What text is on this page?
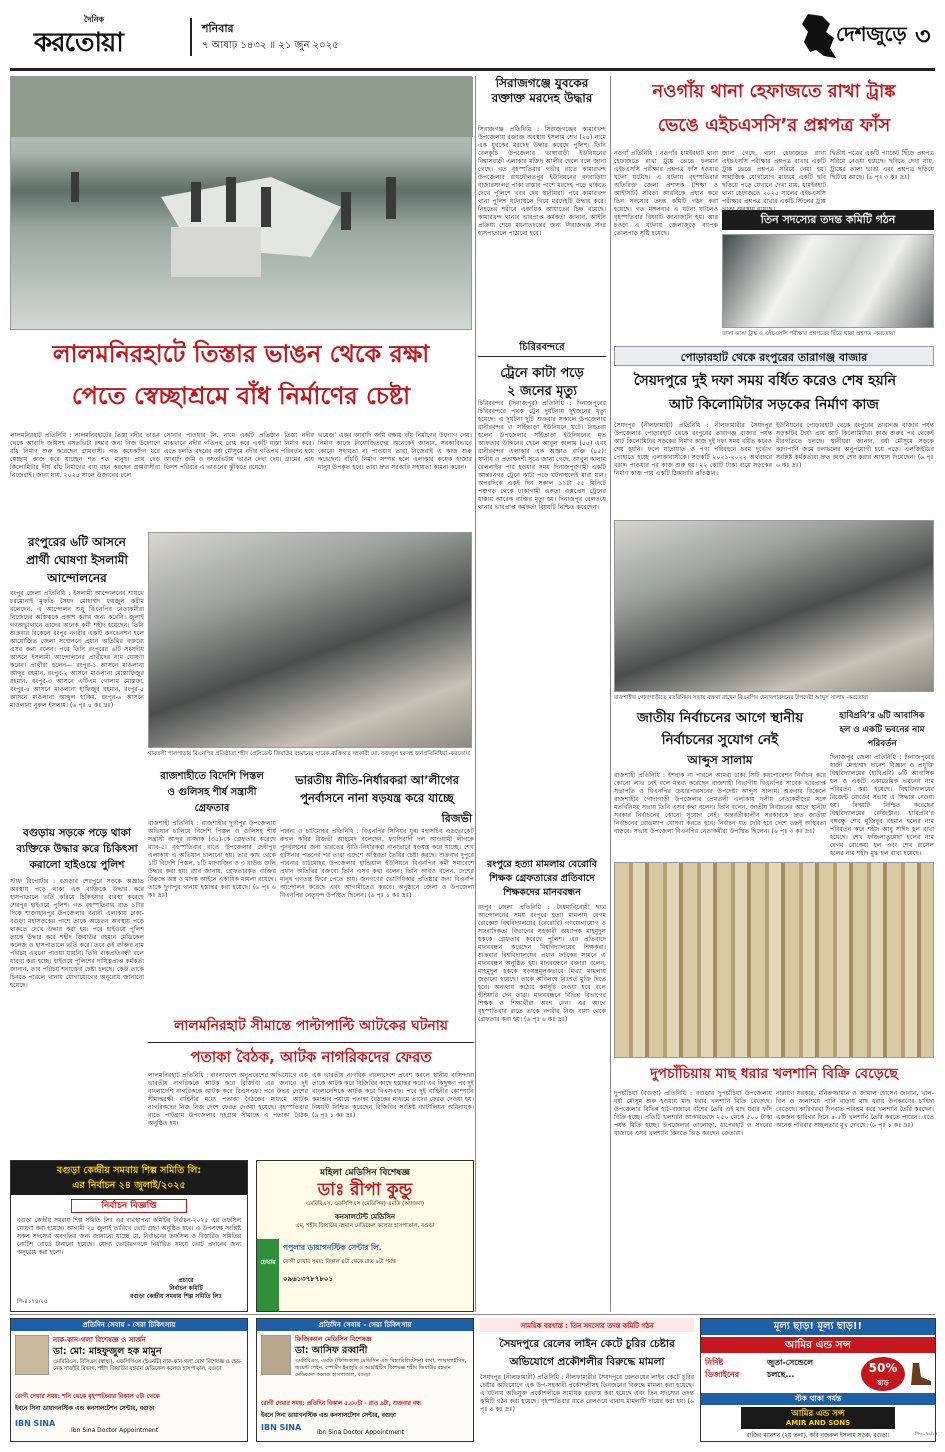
দৈনিক
করতোয়া	শনিবার
৭ আষাঢ় ১৪৩২ ॥ ২১ জুন ২০২৫	দেশজুড়ে ৩
সিরাজগঞ্জে যুবকের রক্তাক্ত মরদেহ উদ্ধার
সিরাজগঞ্জ প্রতিনিধি : সিরাজগঞ্জের কামারখন্দ উপজেলায় রক্তাক্ত অবস্থায় ইসলাম শেখ (২৪) নামে এক যুবকের মরদেহ উদ্ধার করেছে পুলিশ। তিনি বেলকুচি উপজেলার ভাঙ্গাবাড়ী ইউনিয়নের বিশ্বাসবাড়ী এলাকার মজিদ আলীর ছেলে বলে জানা গেছে। গত বৃহস্পতিবার গভীর রাতে কামারখন্দ উপজেলার রায়দৌলতপুর ইউনিয়নের বনবাড়িয়া বাজারসংলগ্ন পাকা রাস্তার পাশে মরদেহ পড়ে থাকতে দেখে পুলিশে খবর দেয় স্থানীয়রা। পরে কামারখন্দ থানা পুলিশ ঘটনাস্থলে গিয়ে মরদেহটি উদ্ধার করে। নিহতের শরীরে একাধিক আঘাতের চিহ্ন রয়েছে। কামারখন্দ থানার ভারপ্রাপ্ত কর্মকর্তা জানান, আইনি প্রক্রিয়া শেষে ময়নাতদন্তের জন্য সিরাজগঞ্জ সদর হাসপাতালে পাঠানো হবে।
নওগাঁয় থানা হেফাজতে রাখা ট্রাঙ্ক
ভেঙে এইচএসসি’র প্রশ্নপত্র ফাঁস
নওগাঁ প্রতিনিধি : নওগাঁর ধামইরহাট থানা হেফাজতে রাখা ট্রাঙ্ক ভেঙে চলমান এইচএসসি পরীক্ষার প্রশ্নপত্র ফাঁস হওয়ার ঘটনা ঘটেছে। এ ঘটনায় বৃহস্পতিবার অতিরিক্ত জেলা প্রশাসক (শিক্ষা ও আইসিটি) সবিতা আরবিকে প্রধান করে তিন সদস্যের তদন্ত কমিটি গঠন করা হয়েছে। গত মঙ্গলবার এ ঘটনা ঘটলেও বৃহস্পতিবার বিষয়টি জানাজানি হয়। আর চওড়া এ ঘটনায় জেলাজুড়ে ব্যাপক তোলপাড় সৃষ্টি হয়েছে।
জানা গেছে, থানা হেফাজতে রাখা এইচএসসি পরীক্ষার প্রশ্নপত্র রাখার একটি ট্রাঙ্ক ভেঙে প্রশ্নপত্র সরিয়ে নেয়া হয়। সামাজিক যোগাযোগ মাধ্যমে একটি ছবি ছড়িয়ে পড়ে যেখানে দেখা যায়, ধামইরহাট থানা হেফাজতে ২০২৫ সালের এইচএসসি পরীক্ষার প্রশ্নপত্র রাখার একটি স্টিলের ট্রাঙ্ক
দ্বিতীয় পত্রের একটি প্যাকেট ছিঁড়ে প্রশ্নপত্র সরিয়ে নেওয়া হয়েছে। ছবিতে দেখা যায়, ট্রাঙ্কের তালা ভাঙা এবং প্রশ্নপত্র ছড়িয়ে ছিটিয়ে আছে। (৬ পৃঃ ৩ কঃ দ্রঃ)
তিন সদস্যের তদন্ত কমিটি গঠন
তালা ভাঙা ট্রাঙ্ক ও এইচএসসি পরীক্ষার প্রশ্নপত্রের ছিঁড়ে থাকা প্রশ্নপত্র -করতোয়া
লালমনিরহাটে তিস্তার ভাঙন থেকে রক্ষা
পেতে স্বেচ্ছাশ্রমে বাঁধ নির্মাণের চেষ্টা
লালমনিরহাট প্রতিনিধি : লালমনিরহাটের তিস্তা নদীর ভাঙন থেকে আবাদি জমিসহ বসতভিটা রক্ষার জন্য নিজ উদ্যোগে বাঁধ নির্মাণ শুরু করেছেন গ্রামবাসী। গত কয়েকদিন ধরে স্বেচ্ছায় কাজ করে যাচ্ছেন শত শত মানুষ। প্রায় দেড় কিলোমিটার দীর্ঘ বাঁধ নির্মাণের ব্যয় বহন করছেন গ্রামবাসীরা নিজেরাই। জানা যায়, ২০২৪ সালে উজানের ঢলে
সোনার পাওয়ার লি. নামে একটি প্রতিষ্ঠান তিস্তা নদীর মাঝখানে নদীর গতিপথ রোধ করে একটি রাস্তা নির্মাণ করে। এতে চলতি বছরের বর্ষা মৌসুমে নদীর গতিপথ পরিবর্তন হয়ে আবাদি জমি ও বসতভিটায় ভাঙন দেখা দেয়। গ্রামের প্রায় তিনশ পরিবার এ ভাঙনের ঝুঁকিতে রয়েছে।
ভয়েজ’ একর আবাদি জমি রক্ষায় বাঁধ নির্মাণের উদ্যোগ নেয়। নির্মাণ কাজে নিয়োজিতদের অনেকেই জানান, সরকারিভাবে কোনো সহায়তা না পাওয়ায় তারা নিজেরাই এ কাজ শুরু করেছেন। বাঁধটি নির্মাণ সম্পন্ন হলে এলাকার কয়েক হাজার মানুষ উপকৃত হবে। তারা দ্রুত সরকারি সহায়তা কামনা করেন।
চিরিরবন্দরে
ট্রেনে কাটা পড়ে
২ জনের মৃত্যু
চিরিরবন্দর (দিনাজপুর) প্রতিনিধি : দিনাজপুরের চিরিরবন্দরে পৃথক ট্রেন দুর্ঘটনায় দুইজনের মৃত্যু হয়েছে। এ দুর্ঘটনা দুটি শুক্রবার সকালে উপজেলার রানীরবন্দর ও সাঁইতাড়া ইউনিয়নে ঘটে। নিহতরা হলেন উপজেলার সাঁইতাড়া ইউনিয়নের মৃত আফতাব উদ্দিনের ছেলে আবুল কালাম (৫৫) এবং রানীরবন্দর এলাকার এক অজ্ঞাত ব্যক্তি (৪৫)। স্থানীয় ও প্রত্যক্ষদর্শী সূত্রে জানা গেছে, আবুল কালাম রেললাইন পার হওয়ার সময় দিনাজপুরগামী একটি আন্তঃনগর ট্রেনে কাটা পড়ে ঘটনাস্থলেই মারা যান। অপরদিকে একই দিন সকাল ১১টা ৫৫ মিনিটে পঞ্চগড় থেকে ঢাকাগামী একতা এক্সপ্রেস ট্রেনের ধাক্কায় আরেক ব্যক্তির মৃত্যু হয়। দিনাজপুর রেলওয়ে থানার ভারপ্রাপ্ত কর্মকর্তা বিষয়টি নিশ্চিত করেছেন।
পোড়ারহাট থেকে রংপুরের তারাগঞ্জ বাজার
সৈয়দপুরে দুই দফা সময় বর্ধিত করেও শেষ হয়নি
আট কিলোমিটার সড়কের নির্মাণ কাজ
সৈয়দপুর (নীলফামারী) প্রতিনিধি : নীলফামারীর সৈয়দপুর উপজেলার পোড়ারহাট থেকে রংপুরের তারাগঞ্জ বাজার পর্যন্ত আট কিলোমিটার সড়কের নির্মাণ কাজ দুই দফা সময় বর্ধিত করেও শেষ হয়নি। ফলে যাতায়াত ও পণ্য পরিবহনে চরম দুর্ভোগ পোহাতে হচ্ছে এলাকাবাসীকে। সড়কটি ২০২১-২০২২ অর্থবছরে বরাদ্দ পাওয়ার পর কাজ শুরু হয়। ২২ কোটি টাকা ব্যয়ে সড়কের নির্মাণ কাজ পায় একটি ঠিকাদারি প্রতিষ্ঠান।
ইউনিয়নের পোড়ারহাট থেকে রংপুরের তারাগঞ্জ বাজার পর্যন্ত সড়কটির দৈর্ঘ্য প্রায় আট কিলোমিটার। কাজ শুরুর পর থেকেই ধীরগতিতে চলছে। স্থানীয়রা জানান, বর্ষা মৌসুমে সড়কে কাদাপানি জমে চলাচলের অনুপযোগী হয়ে পড়ে। এলজিইডির সংশ্লিষ্ট কর্মকর্তারা দ্রুত কাজ শেষ করার আশ্বাস দিয়েছেন। (৬ পৃঃ ৬ কঃ দ্রঃ)
রাজশাহীর গোদাগাড়ীতে মতবিনিময় সভায় বক্তব্য রাখেন বিএনপির চেয়ারপারসনের উপদেষ্টা আব্দুস সালাম -করতোয়া
রংপুরের ৬টি আসনে
প্রার্থী ঘোষণা ইসলামী
আন্দোলনের
রংপুর জেলা প্রতিনিধি : ইসলামী আন্দোলনের শায়খে চরমোনাই মুফতি সৈয়দ মোহাম্মদ ফয়জুল করীম বলেছেন, এ আন্দোলন শুধু বিএনপির নেতাকর্মীরা নিজেদের অস্তিত্বকে প্রকাশ করার জন্য করেনি। জুলাই গণঅভ্যুত্থানে তাদের অনেক কর্মী শহীদ হয়েছেন। তিনি শুক্রবার বিকেলে রংপুর নগরীর একটি কনভেনশন হলে আয়োজিত জেলা সম্মেলনে প্রধান অতিথির বক্তব্যে এসব কথা বলেন। পরে তিনি রংপুরের ৬টি সংসদীয় আসনে ইসলামী আন্দোলনের প্রার্থীদের নাম ঘোষণা করেন। প্রার্থীরা হলেন— রংপুর-১ আসনে মাওলানা আব্দুর রহমান, রংপুর-২ আসনে মাওলানা মোস্তাফিজুর রহমান, রংপুর-৩ আসনে এটিএম গোলাম মোস্তফা, রংপুর-৪ আসনে মাওলানা হাফিজুর রহমান, রংপুর-৫ আসনে মাওলানা আব্দুল হাকিম, রংপুর-৬ আসনে মাওলানা নুরুল ইসলাম। (৬ পৃঃ ৪ কঃ দ্রঃ)
বগুড়ায় সড়কে পড়ে থাকা
ব্যক্তিকে উদ্ধার করে চিকিৎসা
করালো হাইওয়ে পুলিশ
স্টাফ রিপোর্টার : বগুড়ার শেরপুরে সড়কে অজ্ঞাত অবস্থায় পড়ে থাকা এক ব্যক্তিকে উদ্ধার করে হাসপাতালে ভর্তি করিয়ে চিকিৎসার ব্যবস্থা করেছে শেরপুর হাইওয়ে পুলিশ। গত বৃহস্পতিবার রাত ১টার দিকে শাজাহানপুর উপজেলার বনানী এলাকায় ঢাকা-বগুড়া মহাসড়কের পাশে তাকে অচেতন অবস্থায় পড়ে থাকতে দেখে উদ্ধার করা হয়। পরে হাইওয়ে পুলিশ তাকে উদ্ধার করে শহীদ জিয়াউর রহমান মেডিকেল কলেজ ও হাসপাতালে ভর্তি করে। তবে ওই ব্যক্তির নাম পরিচয় এখনো পাওয়া যায়নি। তিনি বাকপ্রতিবন্ধী বলে ধারণা করা হচ্ছে। হাইওয়ে পুলিশের দায়িত্বপ্রাপ্ত কর্মকর্তা জানান, তার পরিচয় শনাক্তের চেষ্টা চলছে। কেউ তাকে চিনতে পারলে থানায় যোগাযোগের অনুরোধ জানানো হয়েছে।
গাবতলী পালপাড়ায় বিএনপির প্রতিষ্ঠাতা শহীদ প্রেসিডেন্ট জিয়াউর রহমানের সাবেক ব্যক্তিগত সহকারী মো. ফজলুল হকসহ জনপ্রতিনিধিরা -করতোয়া
রাজশাহীতে বিদেশি পিস্তল
ও গুলিসহ শীর্ষ সন্ত্রাসী
গ্রেফতার
রাজশাহী প্রতিনিধি : রাজশাহীর দুর্গাপুর উপজেলায় অভিযান চালিয়ে বিদেশি পিস্তল ও গুলিসহ শীর্ষ সন্ত্রাসী আব্দুর রাজ্জাক (৩৫)-কে গ্রেফতার করেছে র‌্যাব-৫। বৃহস্পতিবার রাতে উপজেলার দেবীপুর এলাকায় এ অভিযান চালানো হয়। তার কাছ থেকে ১টি বিদেশি পিস্তল, ১টি ম্যাগাজিন ও ৩ রাউন্ড গুলি উদ্ধার করা হয়। র‌্যাব জানায়, গ্রেফতারকৃত ব্যক্তির বিরুদ্ধে অস্ত্র ও মাদক আইনে একাধিক মামলা রয়েছে। তাকে দুর্গাপুর থানায় হস্তান্তর করা হয়েছে। (৬ পৃঃ ৬ কঃ দ্রঃ)
ভারতীয় নীতি-নির্ধারকরা আ’লীগের
পুনর্বাসনে নানা ষড়যন্ত্র করে যাচ্ছে
রিজভী
পাবনা ও চাটমোহর প্রতিনিধি : বিএনপির সিনিয়র যুগ্ম মহাসচিব এডভোকেট রুহুল কবির রিজভী আহমেদ বলেছেন, ফ্যাসিবাদী দল আওয়ামী লীগকে পুনর্বাসনের জন্য ভারতের নীতি-নির্ধারকরা নানাভাবে ষড়যন্ত্র করে যাচ্ছে। শেখ হাসিনার পতনের পর তারা এদেশে অস্থিরতা তৈরির চেষ্টা করছে। শুক্রবার দুপুরে পাবনার চাটমোহর উপজেলার হান্ডিয়াল ইউনিয়নে বিএনপির কর্মী সমাবেশে প্রধান অতিথির বক্তব্যে তিনি এসব কথা বলেন। তিনি আরও বলেন, দেশের মানুষ গণতন্ত্র ফিরে পেতে চায়। জনগণের ভোটাধিকার প্রতিষ্ঠার জন্য বিএনপি আন্দোলন করেছে এবং আগামীতেও করবে। অনুষ্ঠানে জেলা ও উপজেলা বিএনপির নেতৃবৃন্দ উপস্থিত ছিলেন। (৬ পৃঃ ১ কঃ দ্রঃ)
লালমনিরহাট সীমান্তে পাল্টাপাল্টি আটকের ঘটনায়
পতাকা বৈঠক, আটক নাগরিকদের ফেরত
লালমনিরহাট প্রতিনিধি : বাংলাদেশে অনুপ্রবেশের অভিযোগে এক ভারতীয় নাগরিককে আটক করে বিজিবি। এর জবাবে দুই বাংলাদেশি নাগরিককে আটক করে বিএসএফ। পরে উভয় দেশের সীমান্তরক্ষী বাহিনীর মধ্যে পতাকা বৈঠকের মাধ্যমে আটক নাগরিকদের নিজ নিজ দেশে ফেরত দেওয়া হয়েছে। বৃহস্পতিবার রাতে পাটগ্রাম উপজেলার দহগ্রাম সীমান্তে এ পতাকা বৈঠক অনুষ্ঠিত হয়।
এক ভারতীয় নাগরিক বাংলাদেশে প্রবেশ করলে স্থানীয় বাসিন্দারা তাকে আটক করে বিজিবির কাছে হস্তান্তর করে। এর কিছুক্ষণ পর দুই বাংলাদেশিকে আটক করে বিএসএফ। পরে দুই বাহিনীর কোম্পানি কমান্ডার পর্যায়ে পতাকা বৈঠকের মাধ্যমে তাদের ফেরত দেওয়া হয়। বিষয়টি নিশ্চিত করেছেন বিজিবির সংশ্লিষ্ট ব্যাটালিয়ন অধিনায়ক। (৬ পৃঃ ১ কঃ দ্রঃ)
রংপুরে হত্যা মামলায় বেরোবি
শিক্ষক গ্রেফতারের প্রতিবাদে
শিক্ষকদের মানববন্ধন
রংপুর জেলা প্রতিনিধি : বৈষম্যবিরোধী ছাত্র আন্দোলনের সময় রংপুরে হত্যা মামলায় বেগম রোকেয়া বিশ্ববিদ্যালয়ের (বেরোবি) গণযোগাযোগ ও সাংবাদিকতা বিভাগের সহকারী অধ্যাপক মাহমুদুল হককে গ্রেফতার করেছে পুলিশ। এর প্রতিবাদে মানববন্ধন করেছেন বিশ্ববিদ্যালয়ের শিক্ষকরা। শুক্রবার বিশ্ববিদ্যালয়ের প্রধান ফটকের সামনে এ মানববন্ধন অনুষ্ঠিত হয়। মানববন্ধনে বক্তারা বলেন, মাহমুদুল হককে ষড়যন্ত্রমূলকভাবে মিথ্যা মামলায় জড়ানো হয়েছে। তাকে অবিলম্বে নিঃশর্ত মুক্তি দিতে হবে। অন্যথায় কঠোর কর্মসূচি দেওয়া হবে বলে হুঁশিয়ারি দেন তারা। মানববন্ধনে বিভিন্ন বিভাগের শিক্ষক ও শিক্ষার্থীরা অংশ নেন। এর আগে বৃহস্পতিবার রাতে তাকে নগরীর নিজ বাসা থেকে গ্রেফতার করা হয়। (৬ পৃঃ ৬ কঃ দ্রঃ)
জাতীয় নির্বাচনের আগে স্থানীয়
নির্বাচনের সুযোগ নেই
আব্দুস সালাম
রাজশাহী প্রতিনিধি : ইশরাক না পারলে আমরা ঢাকা সিটি করপোরেশন নির্বাচন করে কোনো লাভ নেই বলে মন্তব্য করেছেন রাজশাহী বিভাগীয় বিএনপির সাবেক ভারপ্রাপ্ত সভাপতি ও বিএনপির চেয়ারপারসনের উপদেষ্টা আব্দুস সালাম। শুক্রবার বিকেলে রাজশাহীর গোদাগাড়ী উপজেলার প্রেমতলী এলাকায় দলীয় নেতাকর্মীদের সঙ্গে মতবিনিময় সভায় তিনি এসব কথা বলেন। তিনি বলেন, জাতীয় নির্বাচনের আগে স্থানীয় সরকার নির্বাচনের কোনো সুযোগ নেই। অন্তর্বর্তীকালীন সরকারকে দ্রুত জাতীয় নির্বাচনের রোডম্যাপ ঘোষণা করতে হবে। নির্বাচন যত দেরি হবে দেশে ততই অস্থিরতা বাড়বে। সভায় উপজেলা বিএনপির নেতাকর্মীরা উপস্থিত ছিলেন। (৬ পৃঃ ৩ কঃ দ্রঃ)
হাবিপ্রবি’র ৬টি আবাসিক
হল ও একটি ভবনের নাম
পরিবর্তন
দিনাজপুর জেলা প্রতিনিধি : দিনাজপুরের হাজী মোহাম্মদ দানেশ বিজ্ঞান ও প্রযুক্তি বিশ্ববিদ্যালয়ের (হাবিপ্রবি) ৬টি আবাসিক হল ও একটি একাডেমিক ভবনের নাম পরিবর্তন করা হয়েছে। বিশ্ববিদ্যালয়ের রিজেন্ট বোর্ডের সভায় এ সিদ্ধান্ত নেওয়া হয়। বিষয়টি নিশ্চিত করেছেন বিশ্ববিদ্যালয়ের রেজিস্ট্রার। হাবিপ্রবি’র বঙ্গবন্ধু শেখ মুজিবুর রহমান হলের নাম পরিবর্তন করে শহীদ আবু সাঈদ হল রাখা হয়েছে। শেখ ফজিলাতুন্নেছা হলের নাম বেগম রোকেয়া হল এবং শেখ রাসেল হলের নাম শহীদ মুগ্ধ হল রাখা হয়েছে।
দুপচাঁচিয়ায় মাছ ধরার খলশানি বিক্রি বেড়েছে
দুপচাঁচিয়া (বগুড়া) প্রতিনিধি : বগুড়ার দুপচাঁচিয়া উপজেলায় বর্ষা মৌসুম শুরু হওয়ায় মাছ ধরার খলশানি বিক্রি বেড়েছে। উপজেলার বিভিন্ন হাট-বাজারে বাঁশের তৈরি এই মাছ ধরার ফাঁদ বিক্রি হচ্ছে। প্রতিটি খলশানি আকারভেদে ২৫০ থেকে ৫০০ টাকা পর্যন্ত বিক্রি হচ্ছে। উপজেলার তালোড়া, ধাপেরহাট ও সদরের বাজারে এসব খলশানি কিনতে ভিড় করছেন ক্রেতারা।
নারায়ণ সরকার, মনিরুজ্জামান ও জামাল হোসেন জানান, খাল-বিল ও জলাশয়ে পানি বাড়ায় মাছ ধরার উপকরণের চাহিদা বেড়েছে। কারিগররা দিনরাত পরিশ্রম করে খলশানি তৈরি করছেন। একজন কারিগর দিনে ৪-৫টি খলশানি তৈরি করতে পারেন। এতে অনেক পরিবার সচ্ছলতার মুখ দেখছে। (৬ পৃঃ ১ কঃ দ্রঃ)
বগুড়া কেন্দ্রীয় সমবায় শিল্প সমিতি লি:
এর নির্বাচন ২৪ জুলাই/২০২৫
নির্বাচন বিজ্ঞপ্তি
বগুড়া কেন্দ্রীয় সমবায় শিল্প সমিতি লিঃ এর ব্যবস্থাপনা কমিটির নির্বাচন-২০২৫ এর তফসিল ঘোষণা করা হয়েছে। আগামী ২৪ জুলাই তারিখে ভোট গ্রহণ অনুষ্ঠিত হবে। এ উপলক্ষে সংশ্লিষ্ট সকল সদস্যের অবগতির জন্য জানানো যাচ্ছে যে, নির্বাচনের তফসিল ও বিস্তারিত সমিতির নোটিশ বোর্ডে টানানো হয়েছে। যোগ্য ভোটারগণকে নির্ধারিত সময়ে ভোট প্রদানের জন্য অনুরোধ করা হলো।
প্রচারে
নির্বাচন কমিটি
বগুড়া কেন্দ্রীয় সমবায় শিল্প সমিতি লিঃ
পি-৪১৭৪/২৫
মহিলা মেডিসিন বিশেষজ্ঞ
ডাঃ রীপা কুন্ডু
এমবিবিএস, এফসিপিএস (মেডিসিন) এমডি (অ্যাজমা)
কনসালটেন্ট মেডিসিন
এম্, শহীদ জিয়াউর রহমান মেডিকেল কলেজ হাসপাতাল, বগুড়া
চেম্বার
পপুলার ডায়াগনস্টিক সেন্টার লি.
রোগী দেখার সময়: বিকাল ৪টা থেকে রাত ৯টা পর্যন্ত
০৯৬১৩৭৮৭৮০১
প্রতিদিন সেবায় - সেরা চিকিৎসায়
নাক-কান-গলা বিশেষজ্ঞ ও সার্জন
ডা: মো: মাহফুজুল হক মামুন
এমবিবিএস, বিসিএস (স্বাস্থ্য), এফসিপিএস (ইএনটি) নাক-কান-গলা রোগ বিশেষজ্ঞ ও হেড-নেক সার্জারি বিভাগ, শহীদ জিয়াউর রহমান মেডিকেল কলেজ হাসপাতাল, বগুড়া
রোগী দেখার সময়: শনি থেকে বৃহস্পতিবার বিকাল ৫টা থেকে
ইবনে সিনা ডায়াগনস্টিক এন্ড কনসালটেশন সেন্টার, বগুড়া
IBN SINA
Ibn Sina Doctor Appointment
প্রতিদিন সেবায় - সেরা চিকিৎসায়
ফিজিক্যাল মেডিসিন বিশেষজ্ঞ
ডা: আসিফ রব্বানী
এমবিবিএস, এমডি (ফিজিক্যাল মেডিসিন এন্ড রিহ্যাবিলিটেশন) ব্যথা, প্যারালাইসিস, জয়েন্ট পেইন, স্পোর্টস ইনজুরি ও আর্থ্রাইটিস বিশেষজ্ঞ শহীদ জিয়াউর রহমান মেডিকেল কলেজ হাসপাতাল, বগুড়া
রোগী দেখার সময়: প্রতিদিন বিকাল ৫.৩০টা - রাত ৯টা, শুক্রবার বন্ধ
ইবনে সিনা ডায়াগনস্টিক এন্ড কনসালটেশন সেন্টার, বগুড়া
IBN SINA
Ibn Sina Doctor Appointment
সাময়িক বরখাস্ত : তিন সদস্যের তদন্ত কমিটি গঠন
সৈয়দপুরে রেলের লাইন কেটে চুরির চেষ্টার
অভিযোগে প্রকৌশলীর বিরুদ্ধে মামলা
সৈয়দপুর (নীলফামারী) প্রতিনিধি : নীলফামারীর সৈয়দপুরে রেলওয়ের লাইন কেটে চুরির চেষ্টার অভিযোগে এক উপ-সহকারী প্রকৌশলীসহ তিনজনের বিরুদ্ধে মামলা করা হয়েছে। এ ঘটনায় অভিযুক্ত প্রকৌশলীকে সাময়িক বরখাস্ত করা হয়েছে এবং তিন সদস্যের তদন্ত কমিটি গঠন করা হয়েছে। বৃহস্পতিবার রাতে রেলওয়ে থানায় মামলাটি দায়ের করা হয়। (৬ পৃঃ ৩ কঃ দ্রঃ)
মূল্য ছাড়! মূল্য ছাড়!!
আমির এন্ড সন্স
নির্দিষ্ট
ডিজাইনের
জুতা-সেন্ডেলে
চলছে...	50%
ছাড়
স্টক থাকা পর্যন্ত
আমির এন্ড সন্স
AMIR AND SONS
রাজিব ম্যানশন (২য় তলা), কবি নজরুল ইসলাম সড়ক, বগুড়া।	পি-৪১৭৪/২৫
